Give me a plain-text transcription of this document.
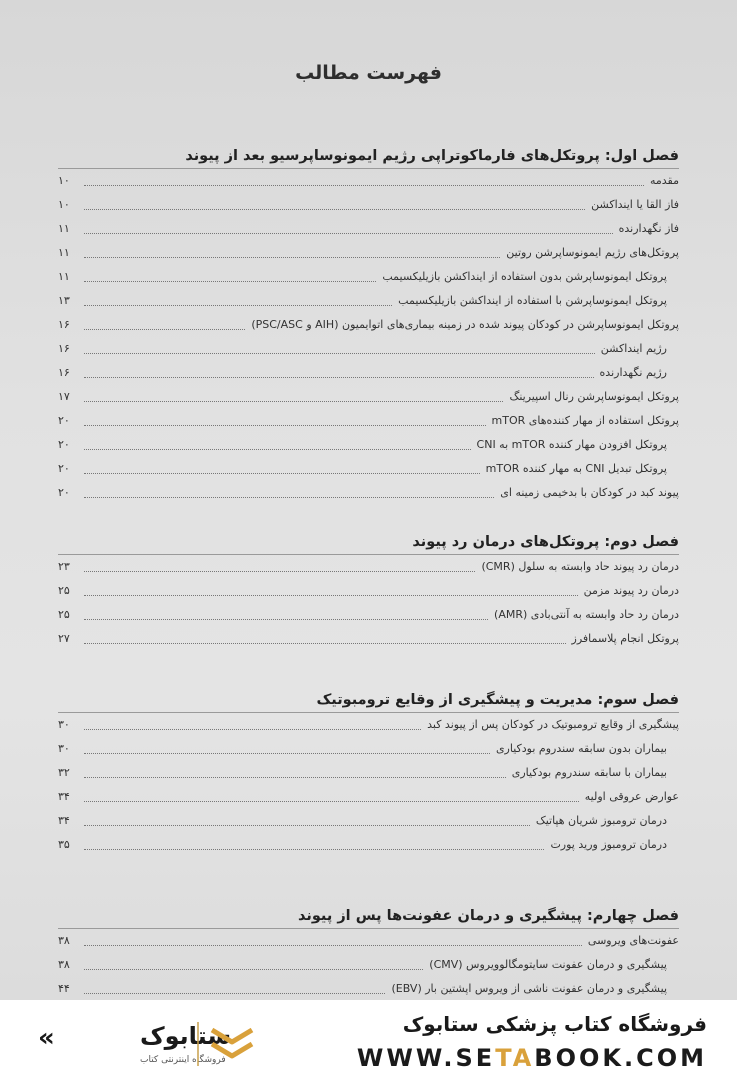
فهرست مطالب
فصل اول: پروتکل‌های فارماکوتراپی رژیم ایمونوساپرسیو بعد از پیوند
مقدمه
۱۰
فاز القا یا اینداکشن
۱۰
فاز نگهدارنده
۱۱
پروتکل‌های رژیم ایمونوساپرشن روتین
۱۱
پروتکل ایمونوساپرشن بدون استفاده از اینداکشن بازیلیکسیمب
۱۱
پروتکل ایمونوساپرشن با استفاده از اینداکشن بازیلیکسیمب
۱۳
پروتکل ایمونوساپرشن در کودکان پیوند شده در زمینه بیماری‌های اتوایمیون (AIH و PSC/ASC)
۱۶
رژیم اینداکشن
۱۶
رژیم نگهدارنده
۱۶
پروتکل ایمونوساپرشن رنال اسپیرینگ
۱۷
پروتکل استفاده از مهار کننده‌های mTOR
۲۰
پروتکل افزودن مهار کننده mTOR به CNI
۲۰
پروتکل تبدیل CNI به مهار کننده mTOR
۲۰
پیوند کبد در کودکان با بدخیمی زمینه ای
۲۰
فصل دوم: پروتکل‌های درمان رد پیوند
درمان رد پیوند حاد وابسته به سلول (CMR)
۲۳
درمان رد پیوند مزمن
۲۵
درمان رد حاد وابسته به آنتی‌بادی (AMR)
۲۵
پروتکل انجام پلاسمافرز
۲۷
فصل سوم: مدیریت و پیشگیری از وقایع ترومبوتیک
پیشگیری از وقایع ترومبوتیک در کودکان پس از پیوند کبد
۳۰
بیماران بدون سابقه سندروم بودکیاری
۳۰
بیماران با سابقه سندروم بودکیاری
۳۲
عوارض عروقی اولیه
۳۴
درمان ترومبوز شریان هپاتیک
۳۴
درمان ترومبوز ورید پورت
۳۵
فصل چهارم: پیشگیری و درمان عفونت‌ها پس از پیوند
عفونت‌های ویروسی
۳۸
پیشگیری و درمان عفونت سایتومگالوویروس (CMV)
۳۸
پیشگیری و درمان عفونت ناشی از ویروس اپشتین بار (EBV)
۴۴
«	ستابوک
فروشگاه اینترنتی کتاب
فروشگاه کتاب پزشکی ستابوک
WWW.SETABOOK.COM
